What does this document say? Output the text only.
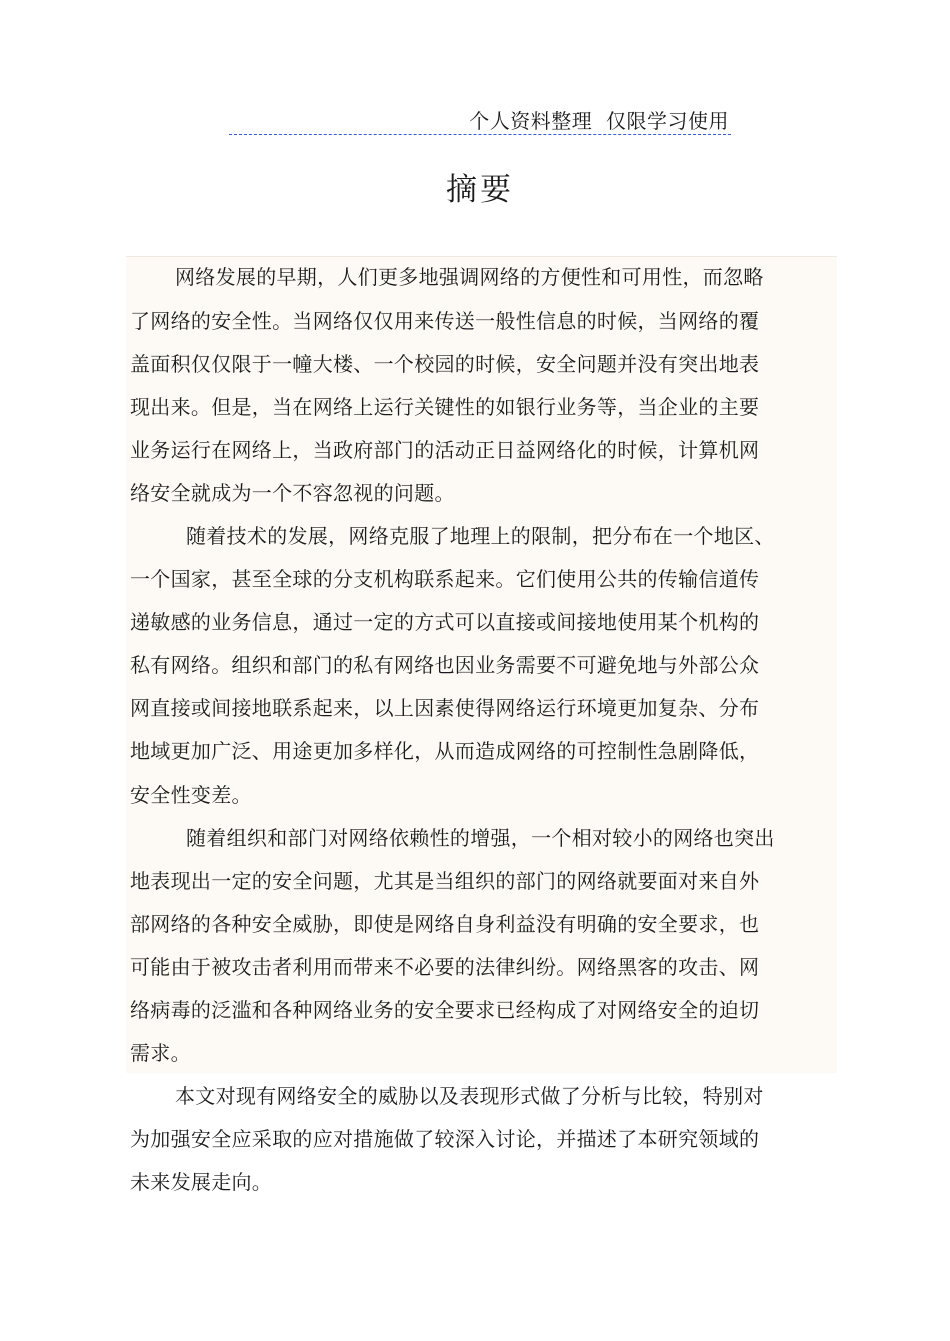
个人资料整理  仅限学习使用
摘要
网络发展的早期，人们更多地强调网络的方便性和可用性，而忽略
了网络的安全性。当网络仅仅用来传送一般性信息的时候，当网络的覆
盖面积仅仅限于一幢大楼、一个校园的时候，安全问题并没有突出地表
现出来。但是，当在网络上运行关键性的如银行业务等，当企业的主要
业务运行在网络上，当政府部门的活动正日益网络化的时候，计算机网
络安全就成为一个不容忽视的问题。
随着技术的发展，网络克服了地理上的限制，把分布在一个地区、
一个国家，甚至全球的分支机构联系起来。它们使用公共的传输信道传
递敏感的业务信息，通过一定的方式可以直接或间接地使用某个机构的
私有网络。组织和部门的私有网络也因业务需要不可避免地与外部公众
网直接或间接地联系起来，以上因素使得网络运行环境更加复杂、分布
地域更加广泛、用途更加多样化，从而造成网络的可控制性急剧降低，
安全性变差。
随着组织和部门对网络依赖性的增强，一个相对较小的网络也突出
地表现出一定的安全问题，尤其是当组织的部门的网络就要面对来自外
部网络的各种安全威胁，即使是网络自身利益没有明确的安全要求，也
可能由于被攻击者利用而带来不必要的法律纠纷。网络黑客的攻击、网
络病毒的泛滥和各种网络业务的安全要求已经构成了对网络安全的迫切
需求。
本文对现有网络安全的威胁以及表现形式做了分析与比较，特别对
为加强安全应采取的应对措施做了较深入讨论，并描述了本研究领域的
未来发展走向。
